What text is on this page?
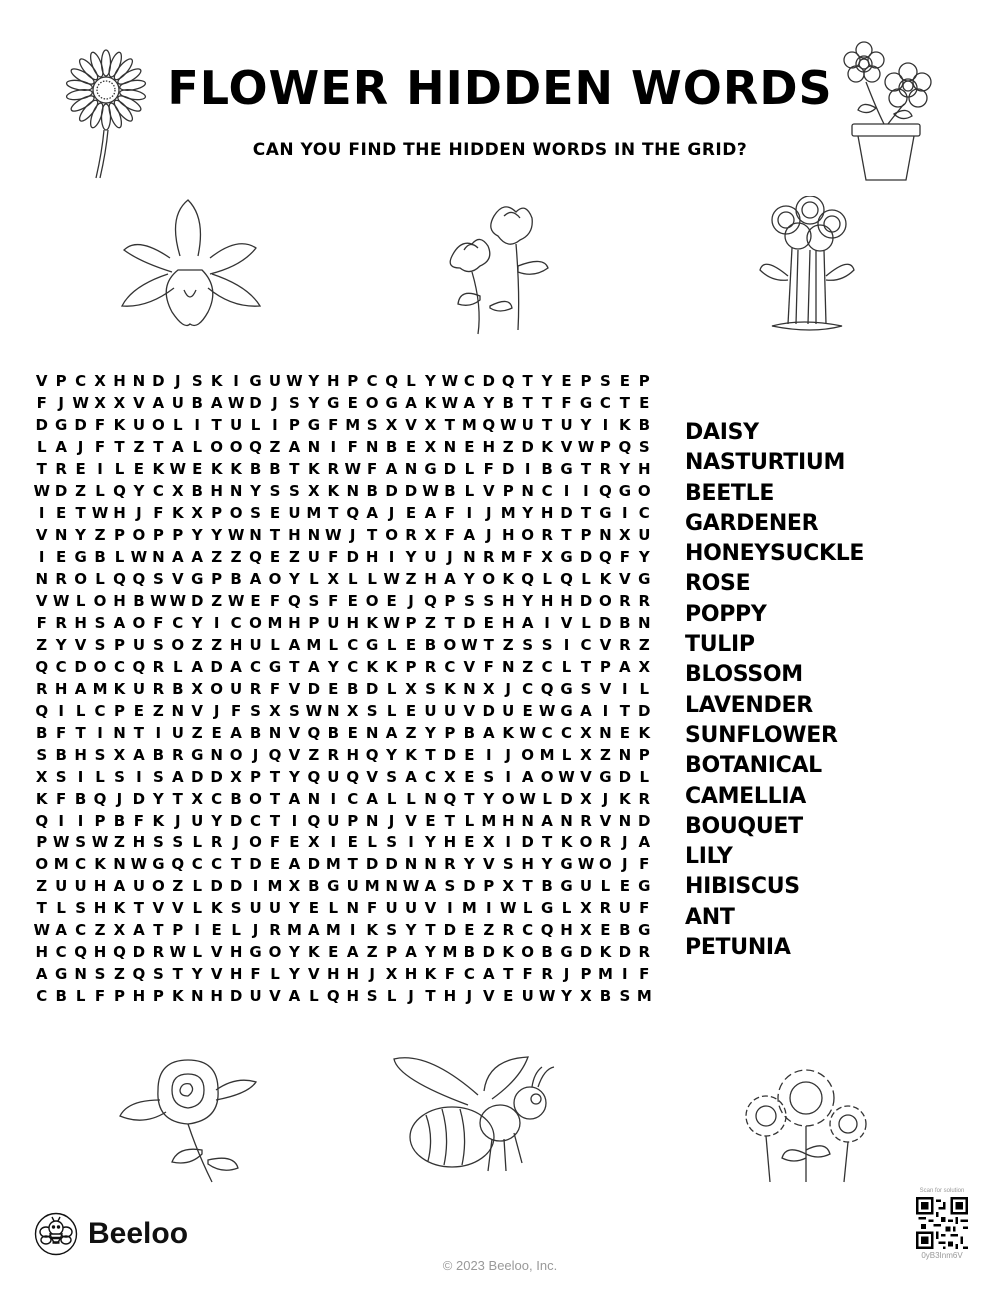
FLOWER HIDDEN WORDS
CAN YOU FIND THE HIDDEN WORDS IN THE GRID?
V P C X H N D J S K I G U W Y H P C Q L Y W C D Q T Y E P S E P
F J W X X V A U B A W D J S Y G E O G A K W A Y B T T F G C T E
D G D F K U O L I T U L I P G F M S X V X T M Q W U T U Y I K B
L A J F T Z T A L O O Q Z A N I F N B E X N E H Z D K V W P Q S
T R E I L E K W E K K B B T K R W F A N G D L F D I B G T R Y H
W D Z L Q Y C X B H N Y S S X K N B D D W B L V P N C I I Q G O
I E T W H J F K X P O S E U M T Q A J E A F I J M Y H D T G I C
V N Y Z P O P P Y Y W N T H N W J T O R X F A J H O R T P N X U
I E G B L W N A A Z Z Q E Z U F D H I Y U J N R M F X G D Q F Y
N R O L Q Q S V G P B A O Y L X L L W Z H A Y O K Q L Q L K V G
V W L O H B W W D Z W E F Q S F E O E J Q P S S H Y H H D O R R
F R H S A O F C Y I C O M H P U H K W P Z T D E H A I V L D B N
Z Y V S P U S O Z Z H U L A M L C G L E B O W T Z S S I C V R Z
Q C D O C Q R L A D A C G T A Y C K K P R C V F N Z C L T P A X
R H A M K U R B X O U R F V D E B D L X S K N X J C Q G S V I L
Q I L C P E Z N V J F S X S W N X S L E U U V D U E W G A I T D
B F T I N T I U Z E A B N V Q B E N A Z Y P B A K W C C X N E K
S B H S X A B R G N O J Q V Z R H Q Y K T D E I J O M L X Z N P
X S I L S I S A D D X P T Y Q U Q V S A C X E S I A O W V G D L
K F B Q J D Y T X C B O T A N I C A L L N Q T Y O W L D X J K R
Q I I P B F K J U Y D C T I Q U P N J V E T L M H N A N R V N D
P W S W Z H S S L R J O F E X I E L S I Y H E X I D T K O R J A
O M C K N W G Q C C T D E A D M T D D N N R Y V S H Y G W O J F
Z U U H A U O Z L D D I M X B G U M N W A S D P X T B G U L E G
T L S H K T V V L K S U U Y E L N F U U V I M I W L G L X R U F
W A C Z X A T P I E L J R M A M I K S Y T D E Z R C Q H X E B G
H C Q H Q D R W L V H G O Y K E A Z P A Y M B D K O B G D K D R
A G N S Z Q S T Y V H F L Y V H H J X H K F C A T F R J P M I F
C B L F P H P K N H D U V A L Q H S L J T H J V E U W Y X B S M
DAISY
NASTURTIUM
BEETLE
GARDENER
HONEYSUCKLE
ROSE
POPPY
TULIP
BLOSSOM
LAVENDER
SUNFLOWER
BOTANICAL
CAMELLIA
BOUQUET
LILY
HIBISCUS
ANT
PETUNIA
Beeloo
© 2023 Beeloo, Inc.
Scan for solution
0yB3Inm6V
